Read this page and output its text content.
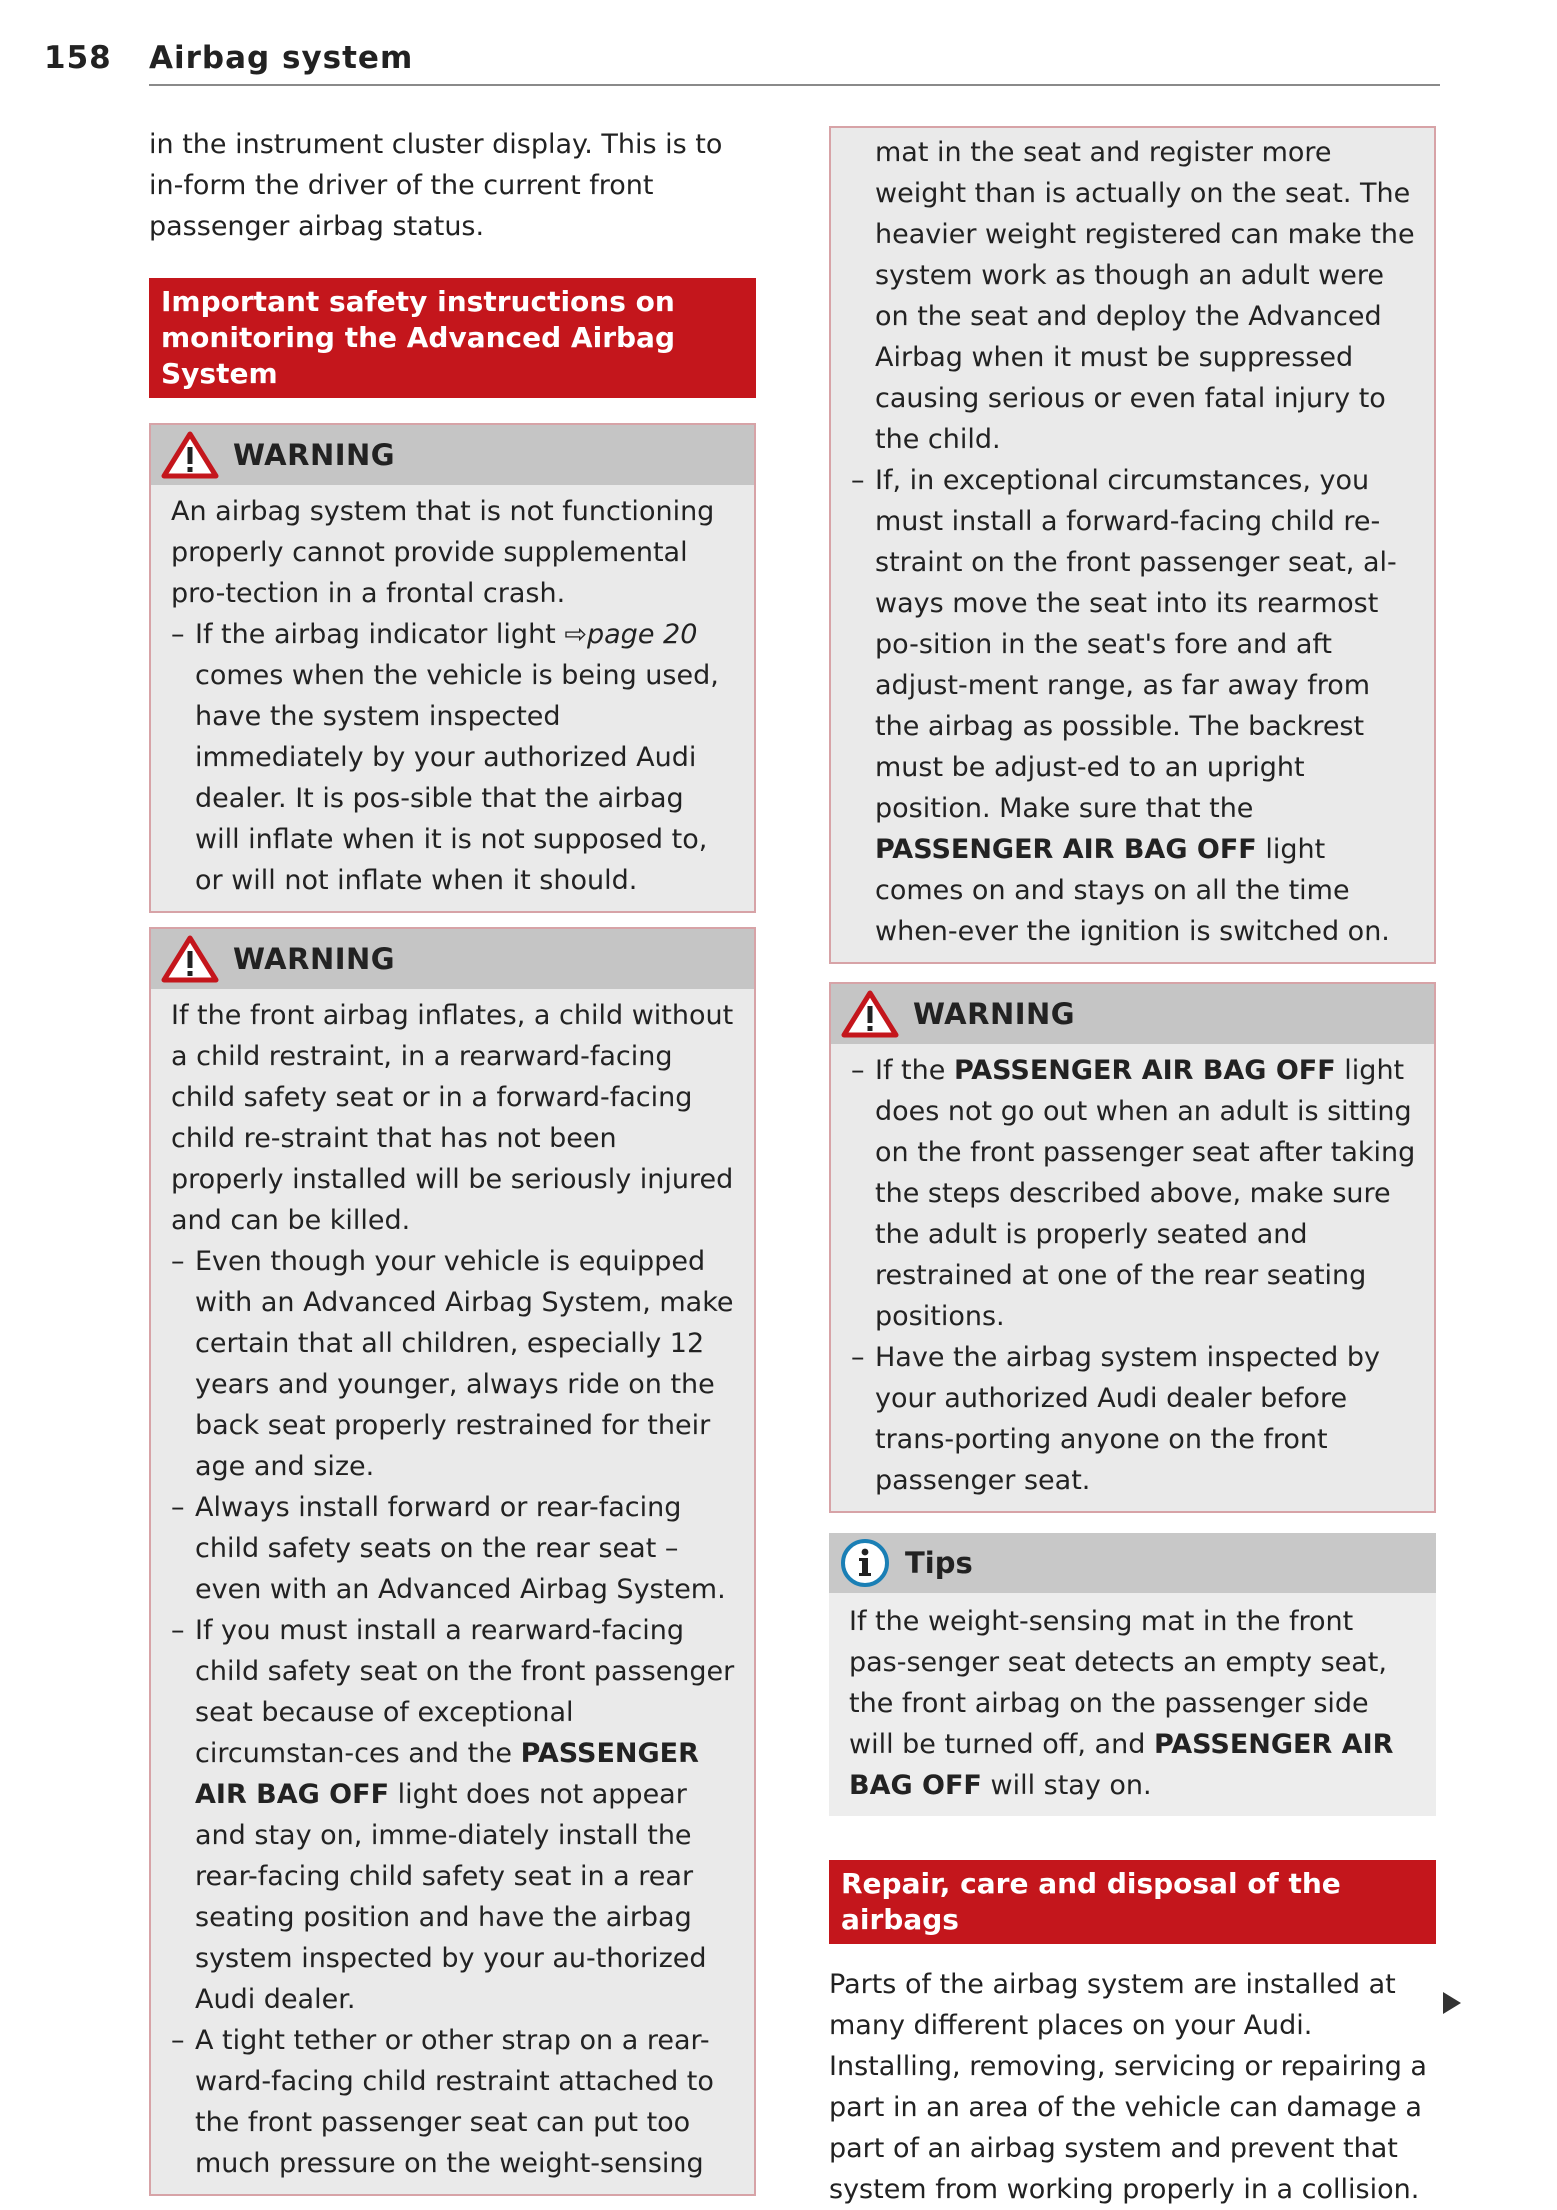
158 Airbag system

in the instrument cluster display. This is to in-form the driver of the current front passenger airbag status.

Important safety instructions on monitoring the Advanced Airbag System
WARNING

An airbag system that is not functioning properly cannot provide supplemental pro-tection in a frontal crash.

– If the airbag indicator light ⇨page 20 comes when the vehicle is being used, have the system inspected immediately by your authorized Audi dealer. It is pos-sible that the airbag will inflate when it is not supposed to, or will not inflate when it should.
WARNING

If the front airbag inflates, a child without a child restraint, in a rearward-facing child safety seat or in a forward-facing child re-straint that has not been properly installed will be seriously injured and can be killed.

– Even though your vehicle is equipped with an Advanced Airbag System, make certain that all children, especially 12 years and younger, always ride on the back seat properly restrained for their age and size.
– Always install forward or rear-facing child safety seats on the rear seat – even with an Advanced Airbag System.
– If you must install a rearward-facing child safety seat on the front passenger seat because of exceptional circumstan-ces and the PASSENGER AIR BAG OFF light does not appear and stay on, imme-diately install the rear-facing child safety seat in a rear seating position and have the airbag system inspected by your au-thorized Audi dealer.
– A tight tether or other strap on a rear-ward-facing child restraint attached to the front passenger seat can put too much pressure on the weight-sensing
mat in the seat and register more weight than is actually on the seat. The heavier weight registered can make the system work as though an adult were on the seat and deploy the Advanced Airbag when it must be suppressed causing serious or even fatal injury to the child.
– If, in exceptional circumstances, you must install a forward-facing child re-straint on the front passenger seat, al-ways move the seat into its rearmost po-sition in the seat's fore and aft adjust-ment range, as far away from the airbag as possible. The backrest must be adjust-ed to an upright position. Make sure that the PASSENGER AIR BAG OFF light comes on and stays on all the time when-ever the ignition is switched on.
WARNING
– If the PASSENGER AIR BAG OFF light does not go out when an adult is sitting on the front passenger seat after taking the steps described above, make sure the adult is properly seated and restrained at one of the rear seating positions.
– Have the airbag system inspected by your authorized Audi dealer before trans-porting anyone on the front passenger seat.
Tips

If the weight-sensing mat in the front pas-senger seat detects an empty seat, the front airbag on the passenger side will be turned off, and PASSENGER AIR BAG OFF will stay on.

Repair, care and disposal of the airbags

Parts of the airbag system are installed at many different places on your Audi. Installing, removing, servicing or repairing a part in an area of the vehicle can damage a part of an airbag system and prevent that system from working properly in a collision.
